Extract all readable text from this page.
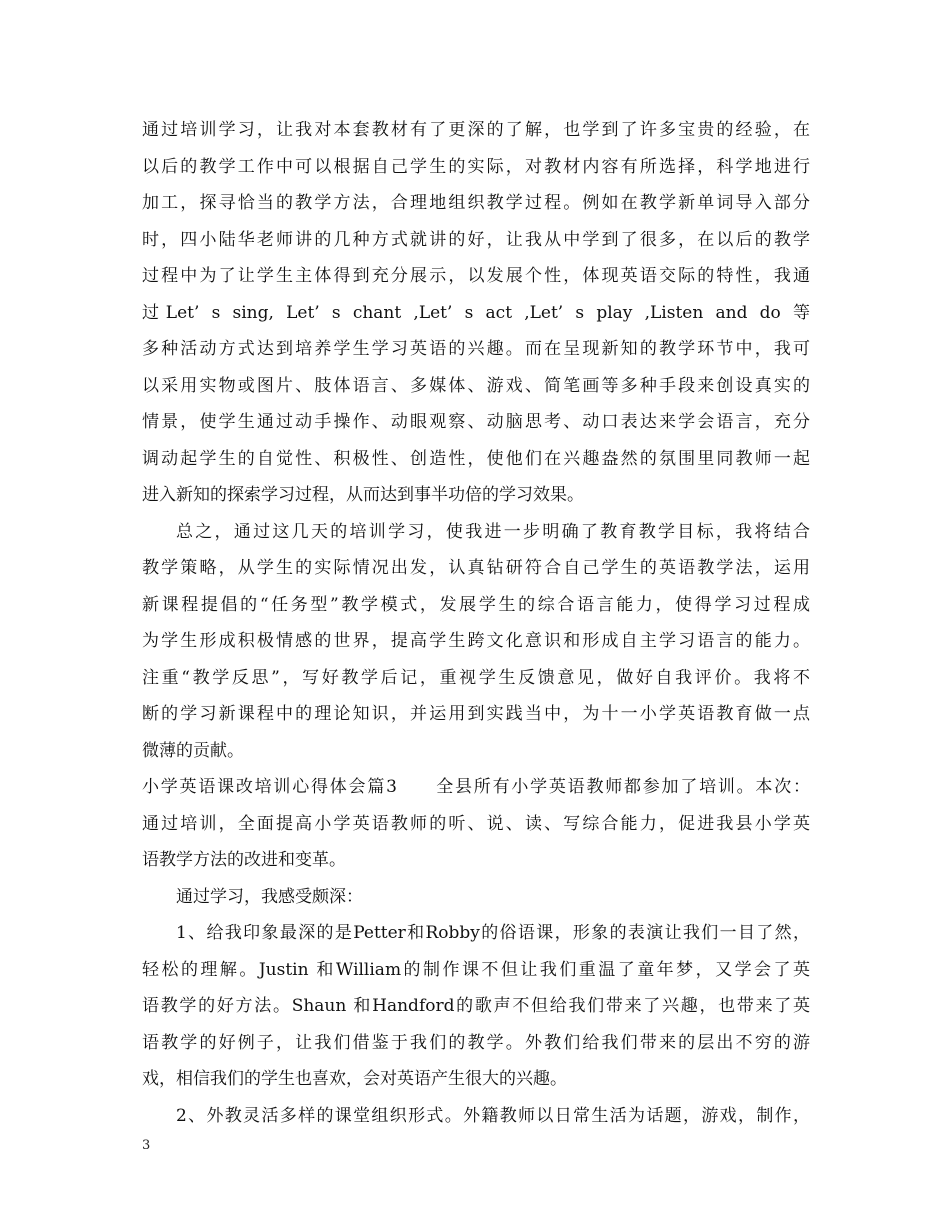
通过培训学习，让我对本套教材有了更深的了解，也学到了许多宝贵的经验，在
以后的教学工作中可以根据自己学生的实际，对教材内容有所选择，科学地进行
加工，探寻恰当的教学方法，合理地组织教学过程。例如在教学新单词导入部分
时，四小陆华老师讲的几种方式就讲的好，让我从中学到了很多，在以后的教学
过程中为了让学生主体得到充分展示，以发展个性，体现英语交际的特性，我通
过Let’ s sing, Let’ s chant ,Let’ s act ,Let’ s play ,Listen and do 等
多种活动方式达到培养学生学习英语的兴趣。而在呈现新知的教学环节中，我可
以采用实物或图片、肢体语言、多媒体、游戏、简笔画等多种手段来创设真实的
情景，使学生通过动手操作、动眼观察、动脑思考、动口表达来学会语言，充分
调动起学生的自觉性、积极性、创造性，使他们在兴趣盎然的氛围里同教师一起
进入新知的探索学习过程，从而达到事半功倍的学习效果。
总之，通过这几天的培训学习，使我进一步明确了教育教学目标，我将结合
教学策略，从学生的实际情况出发，认真钻研符合自己学生的英语教学法，运用
新课程提倡的“任务型”教学模式，发展学生的综合语言能力，使得学习过程成
为学生形成积极情感的世界，提高学生跨文化意识和形成自主学习语言的能力。
注重“教学反思”，写好教学后记，重视学生反馈意见，做好自我评价。我将不
断的学习新课程中的理论知识，并运用到实践当中，为十一小学英语教育做一点
微薄的贡献。
小学英语课改培训心得体会篇3　　全县所有小学英语教师都参加了培训。本次：
通过培训，全面提高小学英语教师的听、说、读、写综合能力，促进我县小学英
语教学方法的改进和变革。
通过学习，我感受颇深：
1、给我印象最深的是Petter和Robby的俗语课，形象的表演让我们一目了然，
轻松的理解。Justin 和William的制作课不但让我们重温了童年梦，又学会了英
语教学的好方法。Shaun 和Handford的歌声不但给我们带来了兴趣，也带来了英
语教学的好例子，让我们借鉴于我们的教学。外教们给我们带来的层出不穷的游
戏，相信我们的学生也喜欢，会对英语产生很大的兴趣。
2、外教灵活多样的课堂组织形式。外籍教师以日常生活为话题，游戏，制作，
3
